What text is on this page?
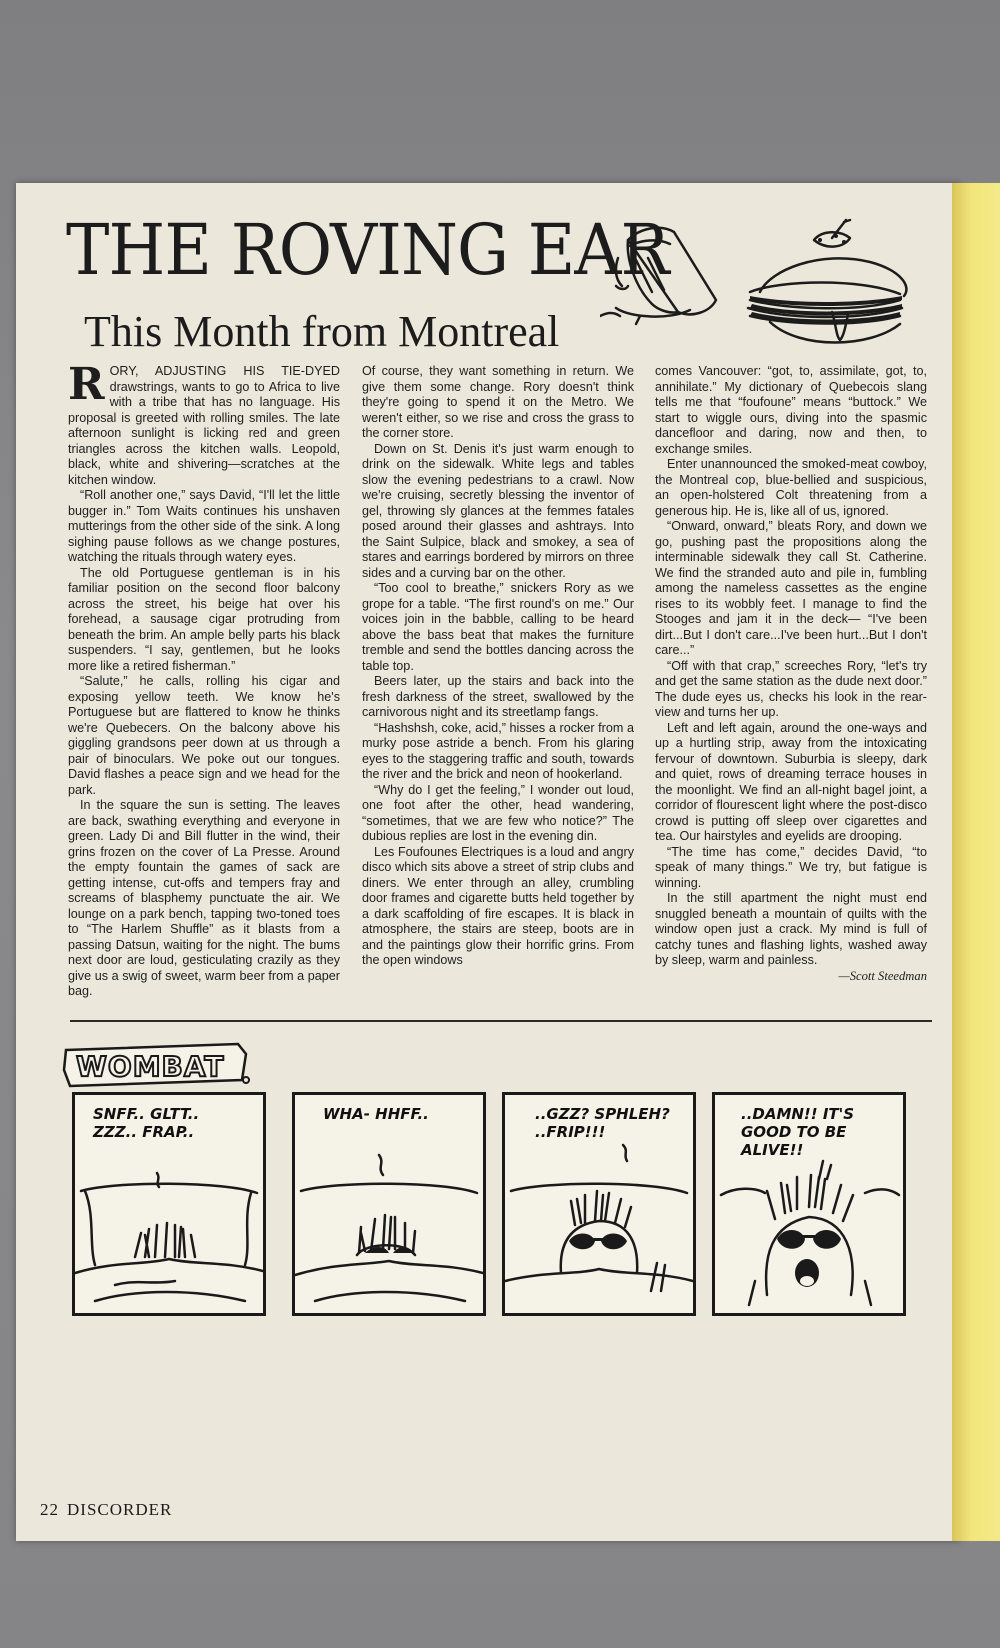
THE ROVING EAR
This Month from Montreal

RORY, ADJUSTING HIS TIE-DYED drawstrings, wants to go to Africa to live with a tribe that has no language. His proposal is greeted with rolling smiles. The late afternoon sunlight is licking red and green triangles across the kitchen walls. Leopold, black, white and shivering—scratches at the kitchen window.

“Roll another one,” says David, “I'll let the little bugger in.” Tom Waits continues his unshaven mutterings from the other side of the sink. A long sighing pause follows as we change postures, watching the rituals through watery eyes.

The old Portuguese gentleman is in his familiar position on the second floor balcony across the street, his beige hat over his forehead, a sausage cigar protruding from beneath the brim. An ample belly parts his black suspenders. “I say, gentlemen, but he looks more like a retired fisherman.”

“Salute,” he calls, rolling his cigar and exposing yellow teeth. We know he's Portuguese but are flattered to know he thinks we're Quebecers. On the balcony above his giggling grandsons peer down at us through a pair of binoculars. We poke out our tongues. David flashes a peace sign and we head for the park.

In the square the sun is setting. The leaves are back, swathing everything and everyone in green. Lady Di and Bill flutter in the wind, their grins frozen on the cover of La Presse. Around the empty fountain the games of sack are getting intense, cut-offs and tempers fray and screams of blasphemy punctuate the air. We lounge on a park bench, tapping two-toned toes to “The Harlem Shuffle” as it blasts from a passing Datsun, waiting for the night. The bums next door are loud, gesticulating crazily as they give us a swig of sweet, warm beer from a paper bag.

Of course, they want something in return. We give them some change. Rory doesn't think they're going to spend it on the Metro. We weren't either, so we rise and cross the grass to the corner store.

Down on St. Denis it's just warm enough to drink on the sidewalk. White legs and tables slow the evening pedestrians to a crawl. Now we're cruising, secretly blessing the inventor of gel, throwing sly glances at the femmes fatales posed around their glasses and ashtrays. Into the Saint Sulpice, black and smokey, a sea of stares and earrings bordered by mirrors on three sides and a curving bar on the other.

“Too cool to breathe,” snickers Rory as we grope for a table. “The first round's on me.” Our voices join in the babble, calling to be heard above the bass beat that makes the furniture tremble and send the bottles dancing across the table top.

Beers later, up the stairs and back into the fresh darkness of the street, swallowed by the carnivorous night and its streetlamp fangs.

“Hashshsh, coke, acid,” hisses a rocker from a murky pose astride a bench. From his glaring eyes to the staggering traffic and south, towards the river and the brick and neon of hookerland.

“Why do I get the feeling,” I wonder out loud, one foot after the other, head wandering, “sometimes, that we are few who notice?” The dubious replies are lost in the evening din.

Les Foufounes Electriques is a loud and angry disco which sits above a street of strip clubs and diners. We enter through an alley, crumbling door frames and cigarette butts held together by a dark scaffolding of fire escapes. It is black in atmosphere, the stairs are steep, boots are in and the paintings glow their horrific grins. From the open windows

comes Vancouver: “got, to, assimilate, got, to, annihilate.” My dictionary of Quebecois slang tells me that “foufoune” means “buttock.” We start to wiggle ours, diving into the spasmic dancefloor and daring, now and then, to exchange smiles.

Enter unannounced the smoked-meat cowboy, the Montreal cop, blue-bellied and suspicious, an open-holstered Colt threatening from a generous hip. He is, like all of us, ignored.

“Onward, onward,” bleats Rory, and down we go, pushing past the propositions along the interminable sidewalk they call St. Catherine. We find the stranded auto and pile in, fumbling among the nameless cassettes as the engine rises to its wobbly feet. I manage to find the Stooges and jam it in the deck— “I've been dirt...But I don't care...I've been hurt...But I don't care...”

“Off with that crap,” screeches Rory, “let's try and get the same station as the dude next door.” The dude eyes us, checks his look in the rear-view and turns her up.

Left and left again, around the one-ways and up a hurtling strip, away from the intoxicating fervour of downtown. Suburbia is sleepy, dark and quiet, rows of dreaming terrace houses in the moonlight. We find an all-night bagel joint, a corridor of flourescent light where the post-disco crowd is putting off sleep over cigarettes and tea. Our hairstyles and eyelids are drooping.

“The time has come,” decides David, “to speak of many things.” We try, but fatigue is winning.

In the still apartment the night must end snuggled beneath a mountain of quilts with the window open just a crack. My mind is full of catchy tunes and flashing lights, washed away by sleep, warm and painless.

—Scott Steedman

WOMBAT
SNFF.. GLTT.. ZZZ.. FRAP..
WHA- HHFF..	..GZZ? SPHLEH? ..FRIP!!!
..DAMN!! IT'S GOOD TO BE ALIVE!!
22 DISCORDER
